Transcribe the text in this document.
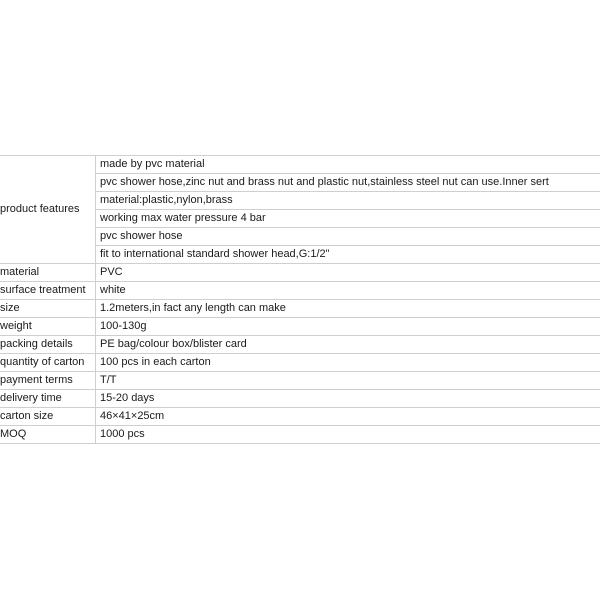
product features	made by pvc material
	pvc shower hose,zinc nut and brass nut and plastic nut,stainless steel nut can use.Inner sert
	material:plastic,nylon,brass
	working max water pressure 4 bar
	pvc shower hose
	fit to international standard shower head,G:1/2"
material	PVC
surface treatment	white
size	1.2meters,in fact any length can make
weight	100-130g
packing details	PE bag/colour box/blister card
quantity of carton	100 pcs in each carton
payment terms	T/T
delivery time	15-20 days
carton size	46×41×25cm
MOQ	1000 pcs
